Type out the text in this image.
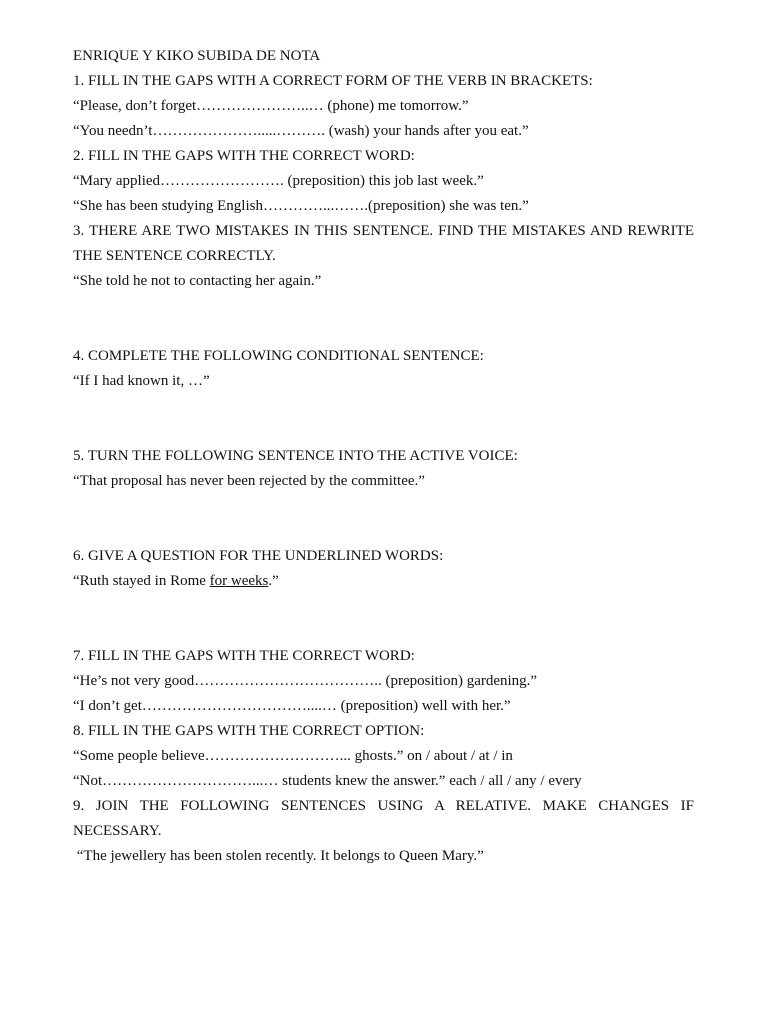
ENRIQUE Y KIKO SUBIDA DE NOTA
1. FILL IN THE GAPS WITH A CORRECT FORM OF THE VERB IN BRACKETS:
“Please, don’t forget…………………..… (phone) me tomorrow.”
“You needn’t………………….....………. (wash) your hands after you eat.”
2. FILL IN THE GAPS WITH THE CORRECT WORD:
“Mary applied……………………. (preposition) this job last week.”
“She has been studying English…………...…….(preposition) she was ten.”
3. THERE ARE TWO MISTAKES IN THIS SENTENCE. FIND THE MISTAKES AND REWRITE THE SENTENCE CORRECTLY.
“She told he not to contacting her again.”
4. COMPLETE THE FOLLOWING CONDITIONAL SENTENCE:
“If I had known it, …”
5. TURN THE FOLLOWING SENTENCE INTO THE ACTIVE VOICE:
“That proposal has never been rejected by the committee.”
6. GIVE A QUESTION FOR THE UNDERLINED WORDS:
“Ruth stayed in Rome for weeks.”
7. FILL IN THE GAPS WITH THE CORRECT WORD:
“He’s not very good……………………………….. (preposition) gardening.”
“I don’t get……………………………....… (preposition) well with her.”
8. FILL IN THE GAPS WITH THE CORRECT OPTION:
“Some people believe………………………... ghosts.” on / about / at / in
“Not…………………………...… students knew the answer.” each / all / any / every
9. JOIN THE FOLLOWING SENTENCES USING A RELATIVE. MAKE CHANGES IF NECESSARY.
“The jewellery has been stolen recently. It belongs to Queen Mary.”
